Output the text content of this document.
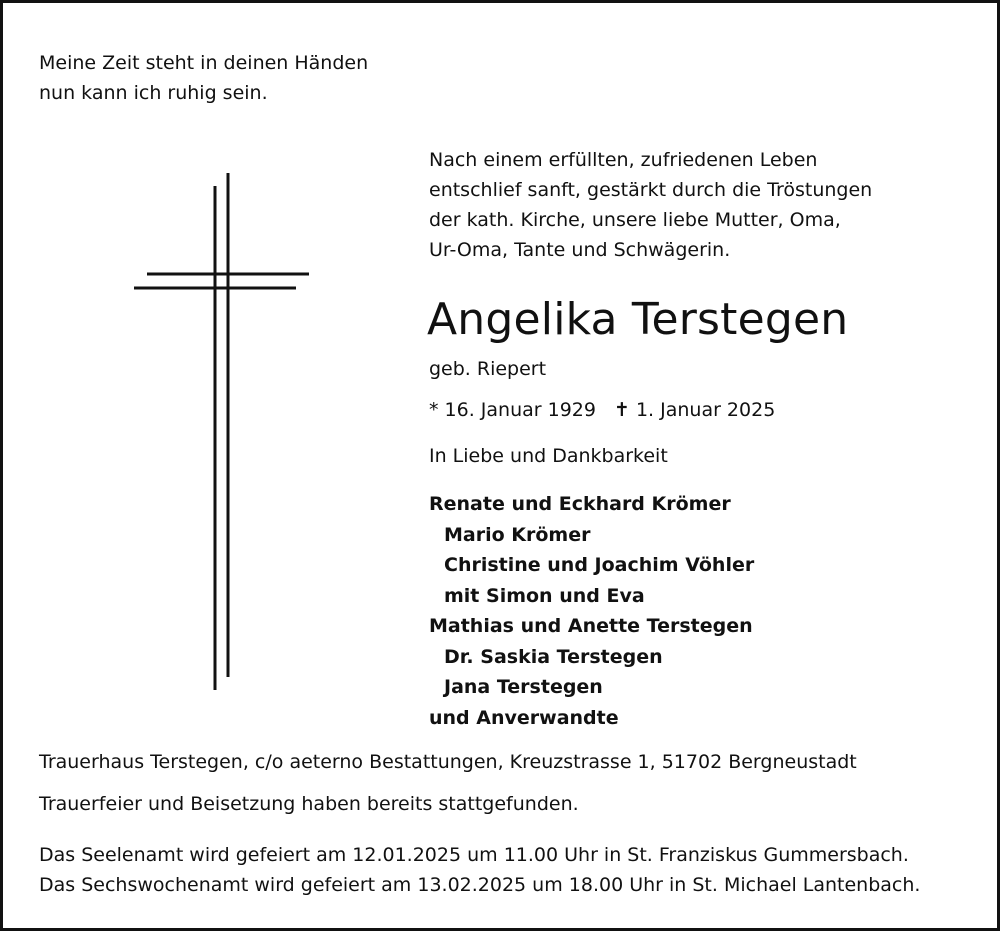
Meine Zeit steht in deinen Händen
nun kann ich ruhig sein.
Nach einem erfüllten, zufriedenen Leben
entschlief sanft, gestärkt durch die Tröstungen
der kath. Kirche, unsere liebe Mutter, Oma,
Ur-Oma, Tante und Schwägerin.
Angelika Terstegen
geb. Riepert
* 16. Januar 1929 ✝ 1. Januar 2025
In Liebe und Dankbarkeit
Renate und Eckhard Krömer
Mario Krömer
Christine und Joachim Vöhler
mit Simon und Eva
Mathias und Anette Terstegen
Dr. Saskia Terstegen
Jana Terstegen
und Anverwandte
Trauerhaus Terstegen, c/o aeterno Bestattungen, Kreuzstrasse 1, 51702 Bergneustadt
Trauerfeier und Beisetzung haben bereits stattgefunden.
Das Seelenamt wird gefeiert am 12.01.2025 um 11.00 Uhr in St. Franziskus Gummersbach.
Das Sechswochenamt wird gefeiert am 13.02.2025 um 18.00 Uhr in St. Michael Lantenbach.
